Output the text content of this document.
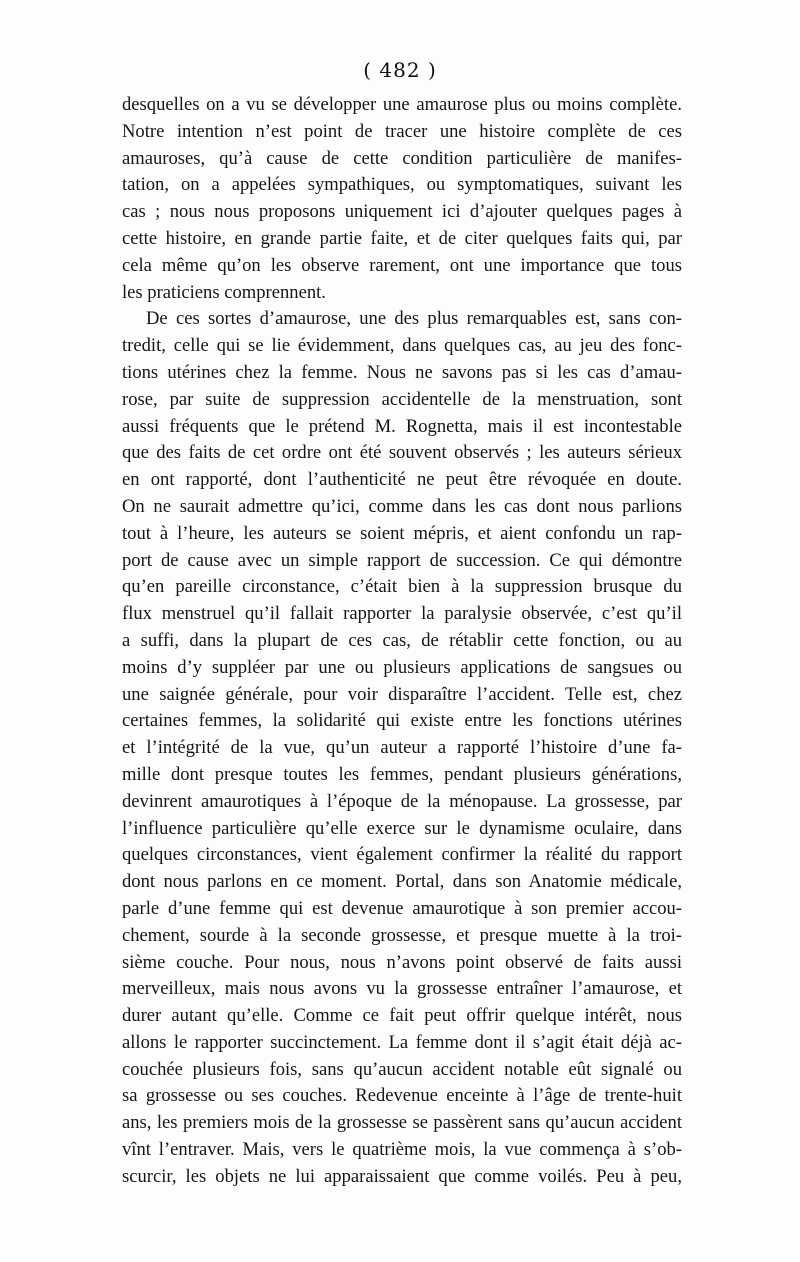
( 482 )
desquelles on a vu se développer une amaurose plus ou moins complète.
Notre intention n’est point de tracer une histoire complète de ces
amauroses, qu’à cause de cette condition particulière de manifes-
tation, on a appelées sympathiques, ou symptomatiques, suivant les
cas ; nous nous proposons uniquement ici d’ajouter quelques pages à
cette histoire, en grande partie faite, et de citer quelques faits qui, par
cela même qu’on les observe rarement, ont une importance que tous
les praticiens comprennent.
De ces sortes d’amaurose, une des plus remarquables est, sans con-
tredit, celle qui se lie évidemment, dans quelques cas, au jeu des fonc-
tions utérines chez la femme. Nous ne savons pas si les cas d’amau-
rose, par suite de suppression accidentelle de la menstruation, sont
aussi fréquents que le prétend M. Rognetta, mais il est incontestable
que des faits de cet ordre ont été souvent observés ; les auteurs sérieux
en ont rapporté, dont l’authenticité ne peut être révoquée en doute.
On ne saurait admettre qu’ici, comme dans les cas dont nous parlions
tout à l’heure, les auteurs se soient mépris, et aient confondu un rap-
port de cause avec un simple rapport de succession. Ce qui démontre
qu’en pareille circonstance, c’était bien à la suppression brusque du
flux menstruel qu’il fallait rapporter la paralysie observée, c’est qu’il
a suffi, dans la plupart de ces cas, de rétablir cette fonction, ou au
moins d’y suppléer par une ou plusieurs applications de sangsues ou
une saignée générale, pour voir disparaître l’accident. Telle est, chez
certaines femmes, la solidarité qui existe entre les fonctions utérines
et l’intégrité de la vue, qu’un auteur a rapporté l’histoire d’une fa-
mille dont presque toutes les femmes, pendant plusieurs générations,
devinrent amaurotiques à l’époque de la ménopause. La grossesse, par
l’influence particulière qu’elle exerce sur le dynamisme oculaire, dans
quelques circonstances, vient également confirmer la réalité du rapport
dont nous parlons en ce moment. Portal, dans son Anatomie médicale,
parle d’une femme qui est devenue amaurotique à son premier accou-
chement, sourde à la seconde grossesse, et presque muette à la troi-
sième couche. Pour nous, nous n’avons point observé de faits aussi
merveilleux, mais nous avons vu la grossesse entraîner l’amaurose, et
durer autant qu’elle. Comme ce fait peut offrir quelque intérêt, nous
allons le rapporter succinctement. La femme dont il s’agit était déjà ac-
couchée plusieurs fois, sans qu’aucun accident notable eût signalé ou
sa grossesse ou ses couches. Redevenue enceinte à l’âge de trente-huit
ans, les premiers mois de la grossesse se passèrent sans qu’aucun accident
vînt l’entraver. Mais, vers le quatrième mois, la vue commença à s’ob-
scurcir, les objets ne lui apparaissaient que comme voilés. Peu à peu,
